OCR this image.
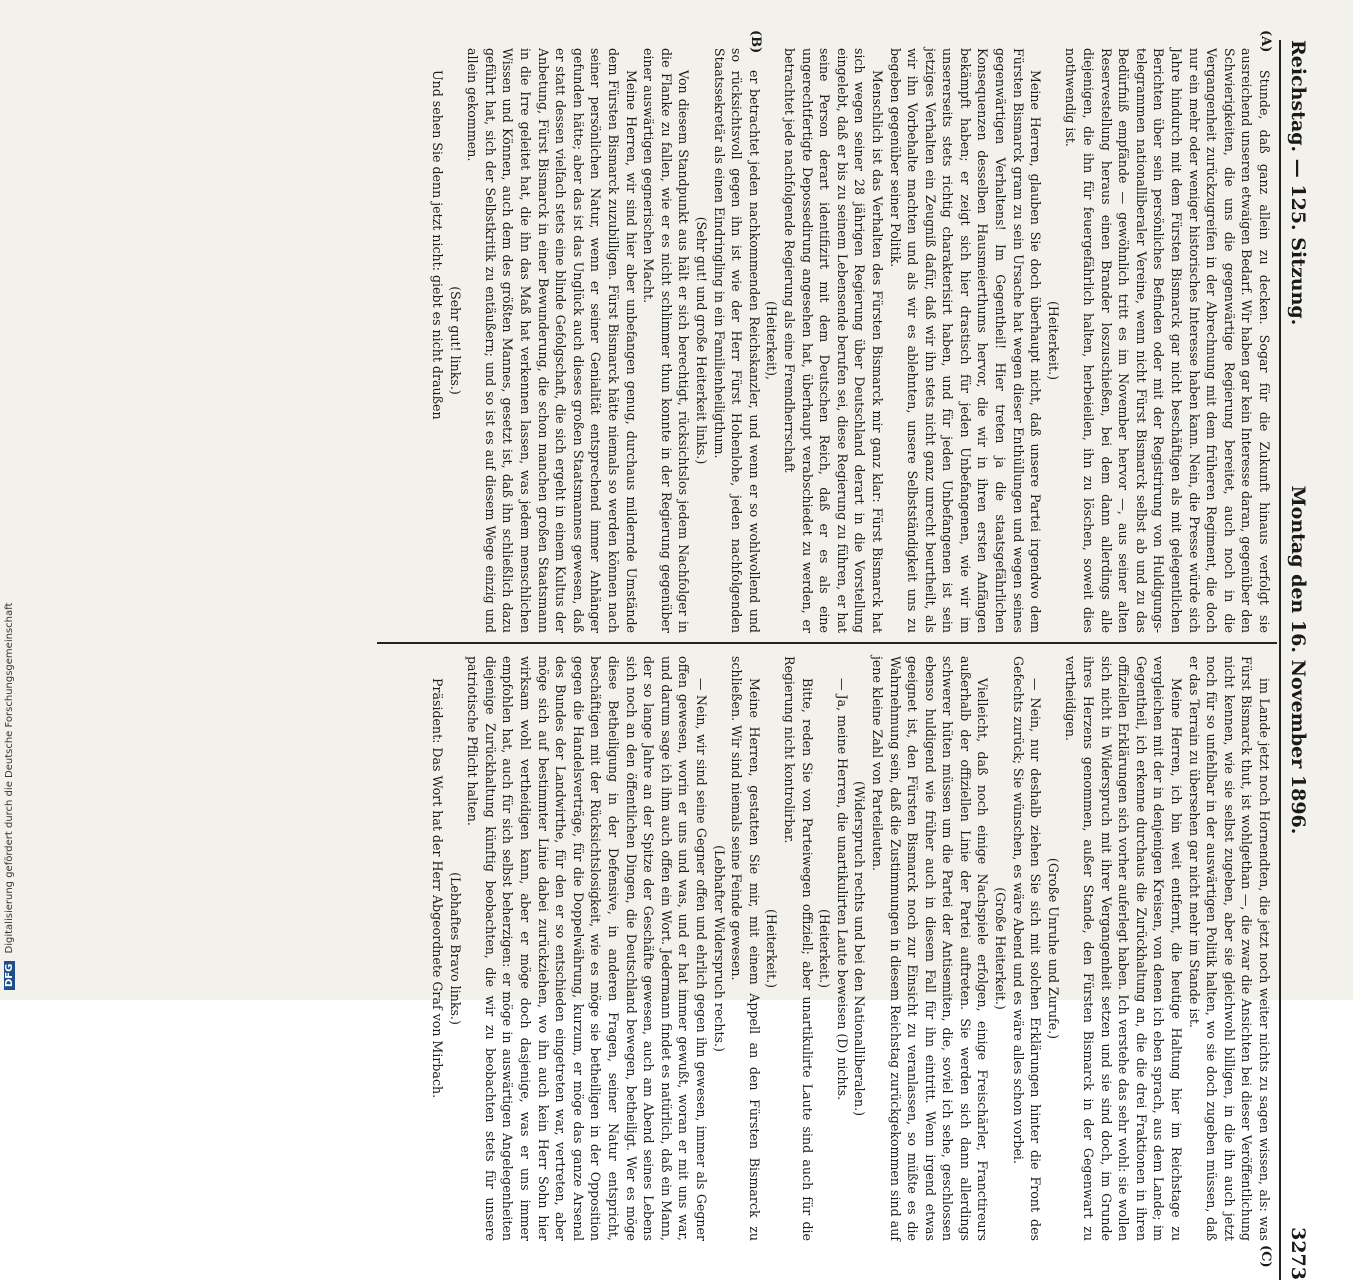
Reichstag. — 125. Sitzung.
Montag den 16. November 1896.
3273
(A)
(B)
(C)

Stunde, daß ganz allein zu decken. Sogar für die Zukunft hinaus verfolgt sie ausreichend unseren etwaigen Bedarf. Wir haben gar kein Interesse daran, gegenüber den Schwierigkeiten, die uns die gegenwärtige Regierung bereitet, auch noch in die Vergangenheit zurückzugreifen in der Abrechnung mit dem früheren Regiment, die doch nur ein mehr oder weniger historisches Interesse haben kann. Nein, die Presse würde sich Jahre hindurch mit dem Fürsten Bismarck gar nicht beschäftigen als mit gelegentlichen Berichten über sein persönliches Befinden oder mit der Registrirung von Huldigungstelegrammen nationalliberaler Vereine, wenn nicht Fürst Bismarck selbst ab und zu das Bedürfniß empfände — gewöhnlich tritt es im November hervor —, aus seiner alten Reservestellung heraus einen Brander loszuschießen, bei dem dann allerdings alle diejenigen, die ihn für feuergefährlich halten, herbeieilen, ihn zu löschen, soweit dies nothwendig ist.

(Heiterkeit.)

Meine Herren, glauben Sie doch überhaupt nicht, daß unsere Partei irgendwo dem Fürsten Bismarck gram zu sein Ursache hat wegen dieser Enthüllungen und wegen seines gegenwärtigen Verhaltens! Im Gegentheil! Hier treten ja die staatsgefährlichen Konsequenzen desselben Hausmeierthums hervor, die wir in ihren ersten Anfängen bekämpft haben; er zeigt sich hier drastisch für jeden Unbefangenen, wie wir im unsererseits stets richtig charakterisirt haben, und für jeden Unbefangenen ist sein jetziges Verhalten ein Zeugniß dafür, daß wir ihn stets nicht ganz unrecht beurtheilt, als wir ihn Vorbehalte machten und als wir es ablehnten, unsere Selbstständigkeit uns zu begeben gegenüber seiner Politik.

Menschlich ist das Verhalten des Fürsten Bismarck mir ganz klar: Fürst Bismarck hat sich wegen seiner 28 jährigen Regierung über Deutschland derart in die Vorstellung eingelebt, daß er bis zu seinem Lebensende berufen sei, diese Regierung zu führen, er hat seine Person derart identifizirt mit dem Deutschen Reich, daß er es als eine ungerechtfertigte Depossedirung angesehen hat, überhaupt verabschiedet zu werden, er betrachtet jede nachfolgende Regierung als eine Fremdherrschaft

(Heiterkeit),

er betrachtet jeden nachkommenden Reichskanzler, und wenn er so wohlwollend und so rücksichtsvoll gegen ihn ist wie der Herr Fürst Hohenlohe, jeden nachfolgenden Staatssekretär als einen Eindringling in ein Familienheiligthum.

(Sehr gut! und große Heiterkeit links.)

Von diesem Standpunkt aus hält er sich berechtigt, rücksichtslos jedem Nachfolger in die Flanke zu fallen, wie er es nicht schlimmer thun konnte in der Regierung gegenüber einer auswärtigen gegnerischen Macht.

Meine Herren, wir sind hier aber unbefangen genug, durchaus mildernde Umstände dem Fürsten Bismarck zuzubilligen. Fürst Bismarck hätte niemals so werden können nach seiner persönlichen Natur, wenn er seiner Genialität entsprechend immer Anhänger gefunden hätte; aber das ist das Unglück auch dieses großen Staatsmannes gewesen, daß er statt dessen vielfach stets eine blinde Gefolgschaft, die sich ergeht in einem Kultus der Anbetung, Fürst Bismarck in einer Bewunderung, die schon manchen großen Staatsmann in die Irre geleitet hat, die ihn das Maß hat verkennen lassen, was jedem menschlichen Wissen und Können, auch dem des größten Mannes, gesetzt ist, daß ihn schließlich dazu geführt hat, sich der Selbstkritik zu entäußern; und so ist es auf diesem Wege einzig und allein gekommen.

(Sehr gut! links.)

Und sehen Sie denn jetzt nicht: giebt es nicht draußen

im Lande jetzt noch Hornendten, die jetzt noch weiter nichts zu sagen wissen, als: was Fürst Bismarck thut, ist wohlgethan —, die zwar die Ansichten bei dieser Veröffentlichung nicht kennen, wie sie selbst zugeben, aber sie gleichwohl billigen, in die ihn auch jetzt noch für so unfehlbar in der auswärtigen Politik halten, wo sie doch zugeben müssen, daß er das Terrain zu übersehen gar nicht mehr im Stande ist.

Meine Herren, ich bin weit entfernt, die heutige Haltung hier im Reichstage zu vergleichen mit der in denjenigen Kreisen, von denen ich eben sprach, aus dem Lande; im Gegentheil, ich erkenne durchaus die Zurückhaltung an, die die drei Fraktionen in ihren offiziellen Erklärungen sich vorher auferlegt haben. Ich verstehe das sehr wohl: sie wollen sich nicht in Widerspruch mit ihrer Vergangenheit setzen und sie sind doch, im Grunde ihres Herzens genommen, außer Stande, den Fürsten Bismarck in der Gegenwart zu vertheidigen.

(Große Unruhe und Zurufe.)

— Nein, nur deshalb ziehen Sie sich mit solchen Erklärungen hinter die Front des Gefechts zurück; Sie wünschen, es wäre Abend und es wäre alles schon vorbei.

(Große Heiterkeit.)

Vielleicht, daß noch einige Nachspiele erfolgen, einige Freischärler, Franctireurs außerhalb der offiziellen Linie der Partei auftreten. Sie werden sich dann allerdings schwerer hüten müssen um die Partei der Antisemiten, die, soviel ich sehe, geschlossen ebenso huldigend wie früher auch in diesem Fall für ihn eintritt. Wenn irgend etwas geeignet ist, den Fürsten Bismarck noch zur Einsicht zu veranlassen, so müßte es die Wahrnehmung sein, daß die Zustimmungen in diesem Reichstag zurückgekommen sind auf jene kleine Zahl von Parteileuten.

(Widerspruch rechts und bei den Nationalliberalen.)

— Ja, meine Herren, die unartikulirten Laute beweisen (D) nichts.

(Heiterkeit.)

Bitte, reden Sie von Parteiwegen offiziell; aber unartikulirte Laute sind auch für die Regierung nicht kontrolirbar.

(Heiterkeit.)

Meine Herren, gestatten Sie mir, mit einem Appell an den Fürsten Bismarck zu schließen. Wir sind niemals seine Feinde gewesen.

(Lebhafter Widerspruch rechts.)

— Nein, wir sind seine Gegner offen und ehrlich gegen ihn gewesen, immer als Gegner offen gewesen, worin er uns und was, und er hat immer gewußt, woran er mit uns war, und darum sage ich ihm auch offen ein Wort. Jedermann findet es natürlich, daß ein Mann, der so lange Jahre an der Spitze der Geschäfte gewesen, auch am Abend seines Lebens sich noch an den öffentlichen Dingen, die Deutschland bewegen, betheiligt. Wer es möge diese Betheiligung in der Defensive, in anderen Fragen, seiner Natur entspricht, beschäftigen mit der Rücksichtslosigkeit, wie es möge sie betheiligen in der Opposition gegen die Handelsverträge, für die Doppelwährung, kurzum, er möge das ganze Arsenal des Bundes der Landwirthe, für den er so entschieden eingetreten war, vertreten, aber möge sich auf bestimmter Linie dabei zurückziehen, wo ihn auch kein Herr Sohn hier wirksam wohl vertheidigen kann, aber er möge doch dasjenige, was er uns immer empfohlen hat, auch für sich selbst beherzigen: er möge in auswärtigen Angelegenheiten diejenige Zurückhaltung künftig beobachten, die wir zu beobachten stets für unsere patriotische Pflicht halten.

(Lebhaftes Bravo links.)

Präsident: Das Wort hat der Herr Abgeordnete Graf von Mirbach.

DFG Digitalisierung gefördert durch die Deutsche Forschungsgemeinschaft
